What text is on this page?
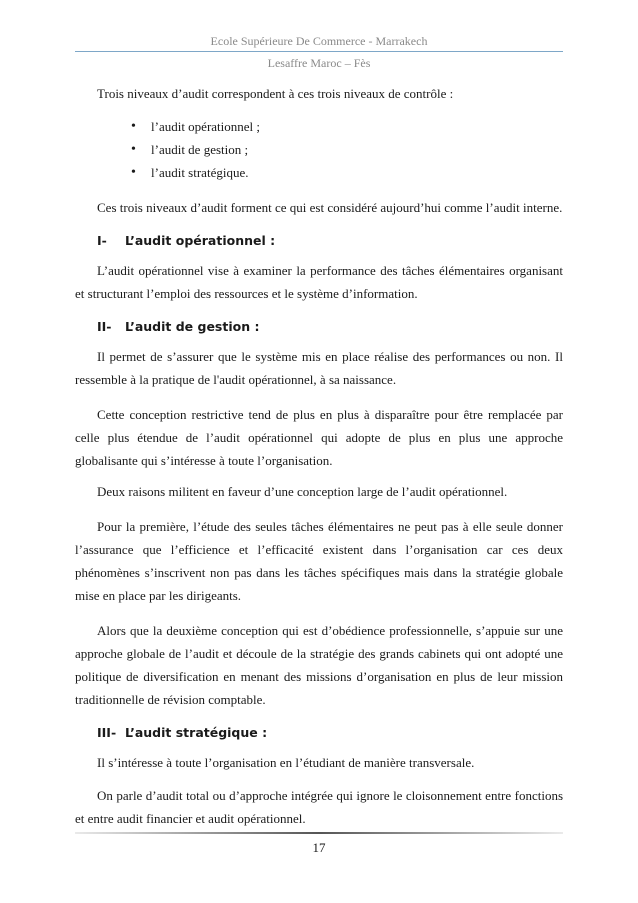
Ecole Supérieure De Commerce - Marrakech
Lesaffre Maroc – Fès

Trois niveaux d’audit correspondent à ces trois niveaux de contrôle :

• l’audit opérationnel ;
• l’audit de gestion ;
• l’audit stratégique.

Ces trois niveaux d’audit forment ce qui est considéré aujourd’hui comme l’audit interne.

I- L’audit opérationnel :

L’audit opérationnel vise à examiner la performance des tâches élémentaires organisant et structurant l’emploi des ressources et le système d’information.

II- L’audit de gestion :

Il permet de s’assurer que le système mis en place réalise des performances ou non. Il ressemble à la pratique de l'audit opérationnel, à sa naissance.

Cette conception restrictive tend de plus en plus à disparaître pour être remplacée par celle plus étendue de l’audit opérationnel qui adopte de plus en plus une approche globalisante qui s’intéresse à toute l’organisation.

Deux raisons militent en faveur d’une conception large de l’audit opérationnel.

Pour la première, l’étude des seules tâches élémentaires ne peut pas à elle seule donner l’assurance que l’efficience et l’efficacité existent dans l’organisation car ces deux phénomènes s’inscrivent non pas dans les tâches spécifiques mais dans la stratégie globale mise en place par les dirigeants.

Alors que la deuxième conception qui est d’obédience professionnelle, s’appuie sur une approche globale de l’audit et découle de la stratégie des grands cabinets qui ont adopté une politique de diversification en menant des missions d’organisation en plus de leur mission traditionnelle de révision comptable.

III- L’audit stratégique :

Il s’intéresse à toute l’organisation en l’étudiant de manière transversale.

On parle d’audit total ou d’approche intégrée qui ignore le cloisonnement entre fonctions et entre audit financier et audit opérationnel.

17
